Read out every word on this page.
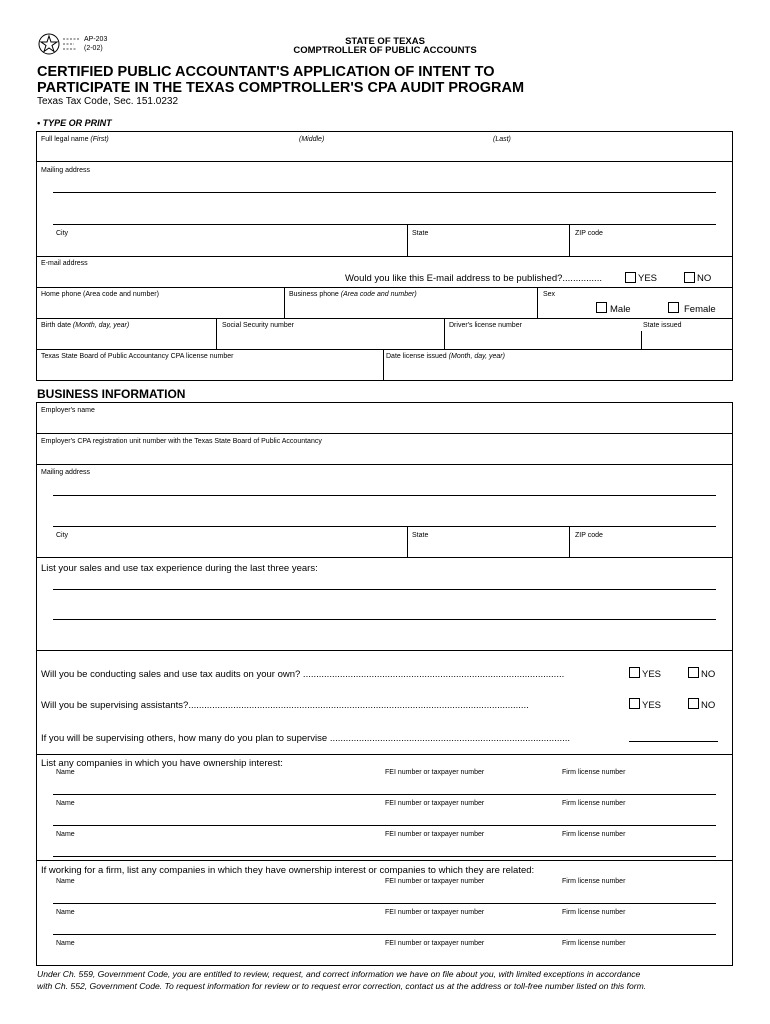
AP-203
(2-02)
STATE OF TEXAS
COMPTROLLER OF PUBLIC ACCOUNTS
CERTIFIED PUBLIC ACCOUNTANT'S APPLICATION OF INTENT TO
PARTICIPATE IN THE TEXAS COMPTROLLER'S CPA AUDIT PROGRAM
Texas Tax Code, Sec. 151.0232
• TYPE OR PRINT
Full legal name (First)	(Middle)	(Last)
Mailing address
City	State	ZIP code
E-mail address
Would you like this E-mail address to be published?...............	YES	NO
Home phone (Area code and number)	Business phone (Area code and number)	Sex
Male	Female
Birth date (Month, day, year)	Social Security number	Driver's license number	State issued
Texas State Board of Public Accountancy CPA license number	Date license issued (Month, day, year)
BUSINESS INFORMATION
Employer's name
Employer's CPA registration unit number with the Texas State Board of Public Accountancy
Mailing address
City	State	ZIP code
List your sales and use tax experience during the last three years:
Will you be conducting sales and use tax audits on your own? ...................................................................................................	YES	NO
Will you be supervising assistants?.................................................................................................................................	YES	NO
If you will be supervising others, how many do you plan to supervise ...........................................................................................
List any companies in which you have ownership interest:
Name	FEI number or taxpayer number	Firm license number
Name	FEI number or taxpayer number	Firm license number
Name	FEI number or taxpayer number	Firm license number
If working for a firm, list any companies in which they have ownership interest or companies to which they are related:
Name	FEI number or taxpayer number	Firm license number
Name	FEI number or taxpayer number	Firm license number
Name	FEI number or taxpayer number	Firm license number
Under Ch. 559, Government Code, you are entitled to review, request, and correct information we have on file about you, with limited exceptions in accordance
with Ch. 552, Government Code. To request information for review or to request error correction, contact us at the address or toll-free number listed on this form.
